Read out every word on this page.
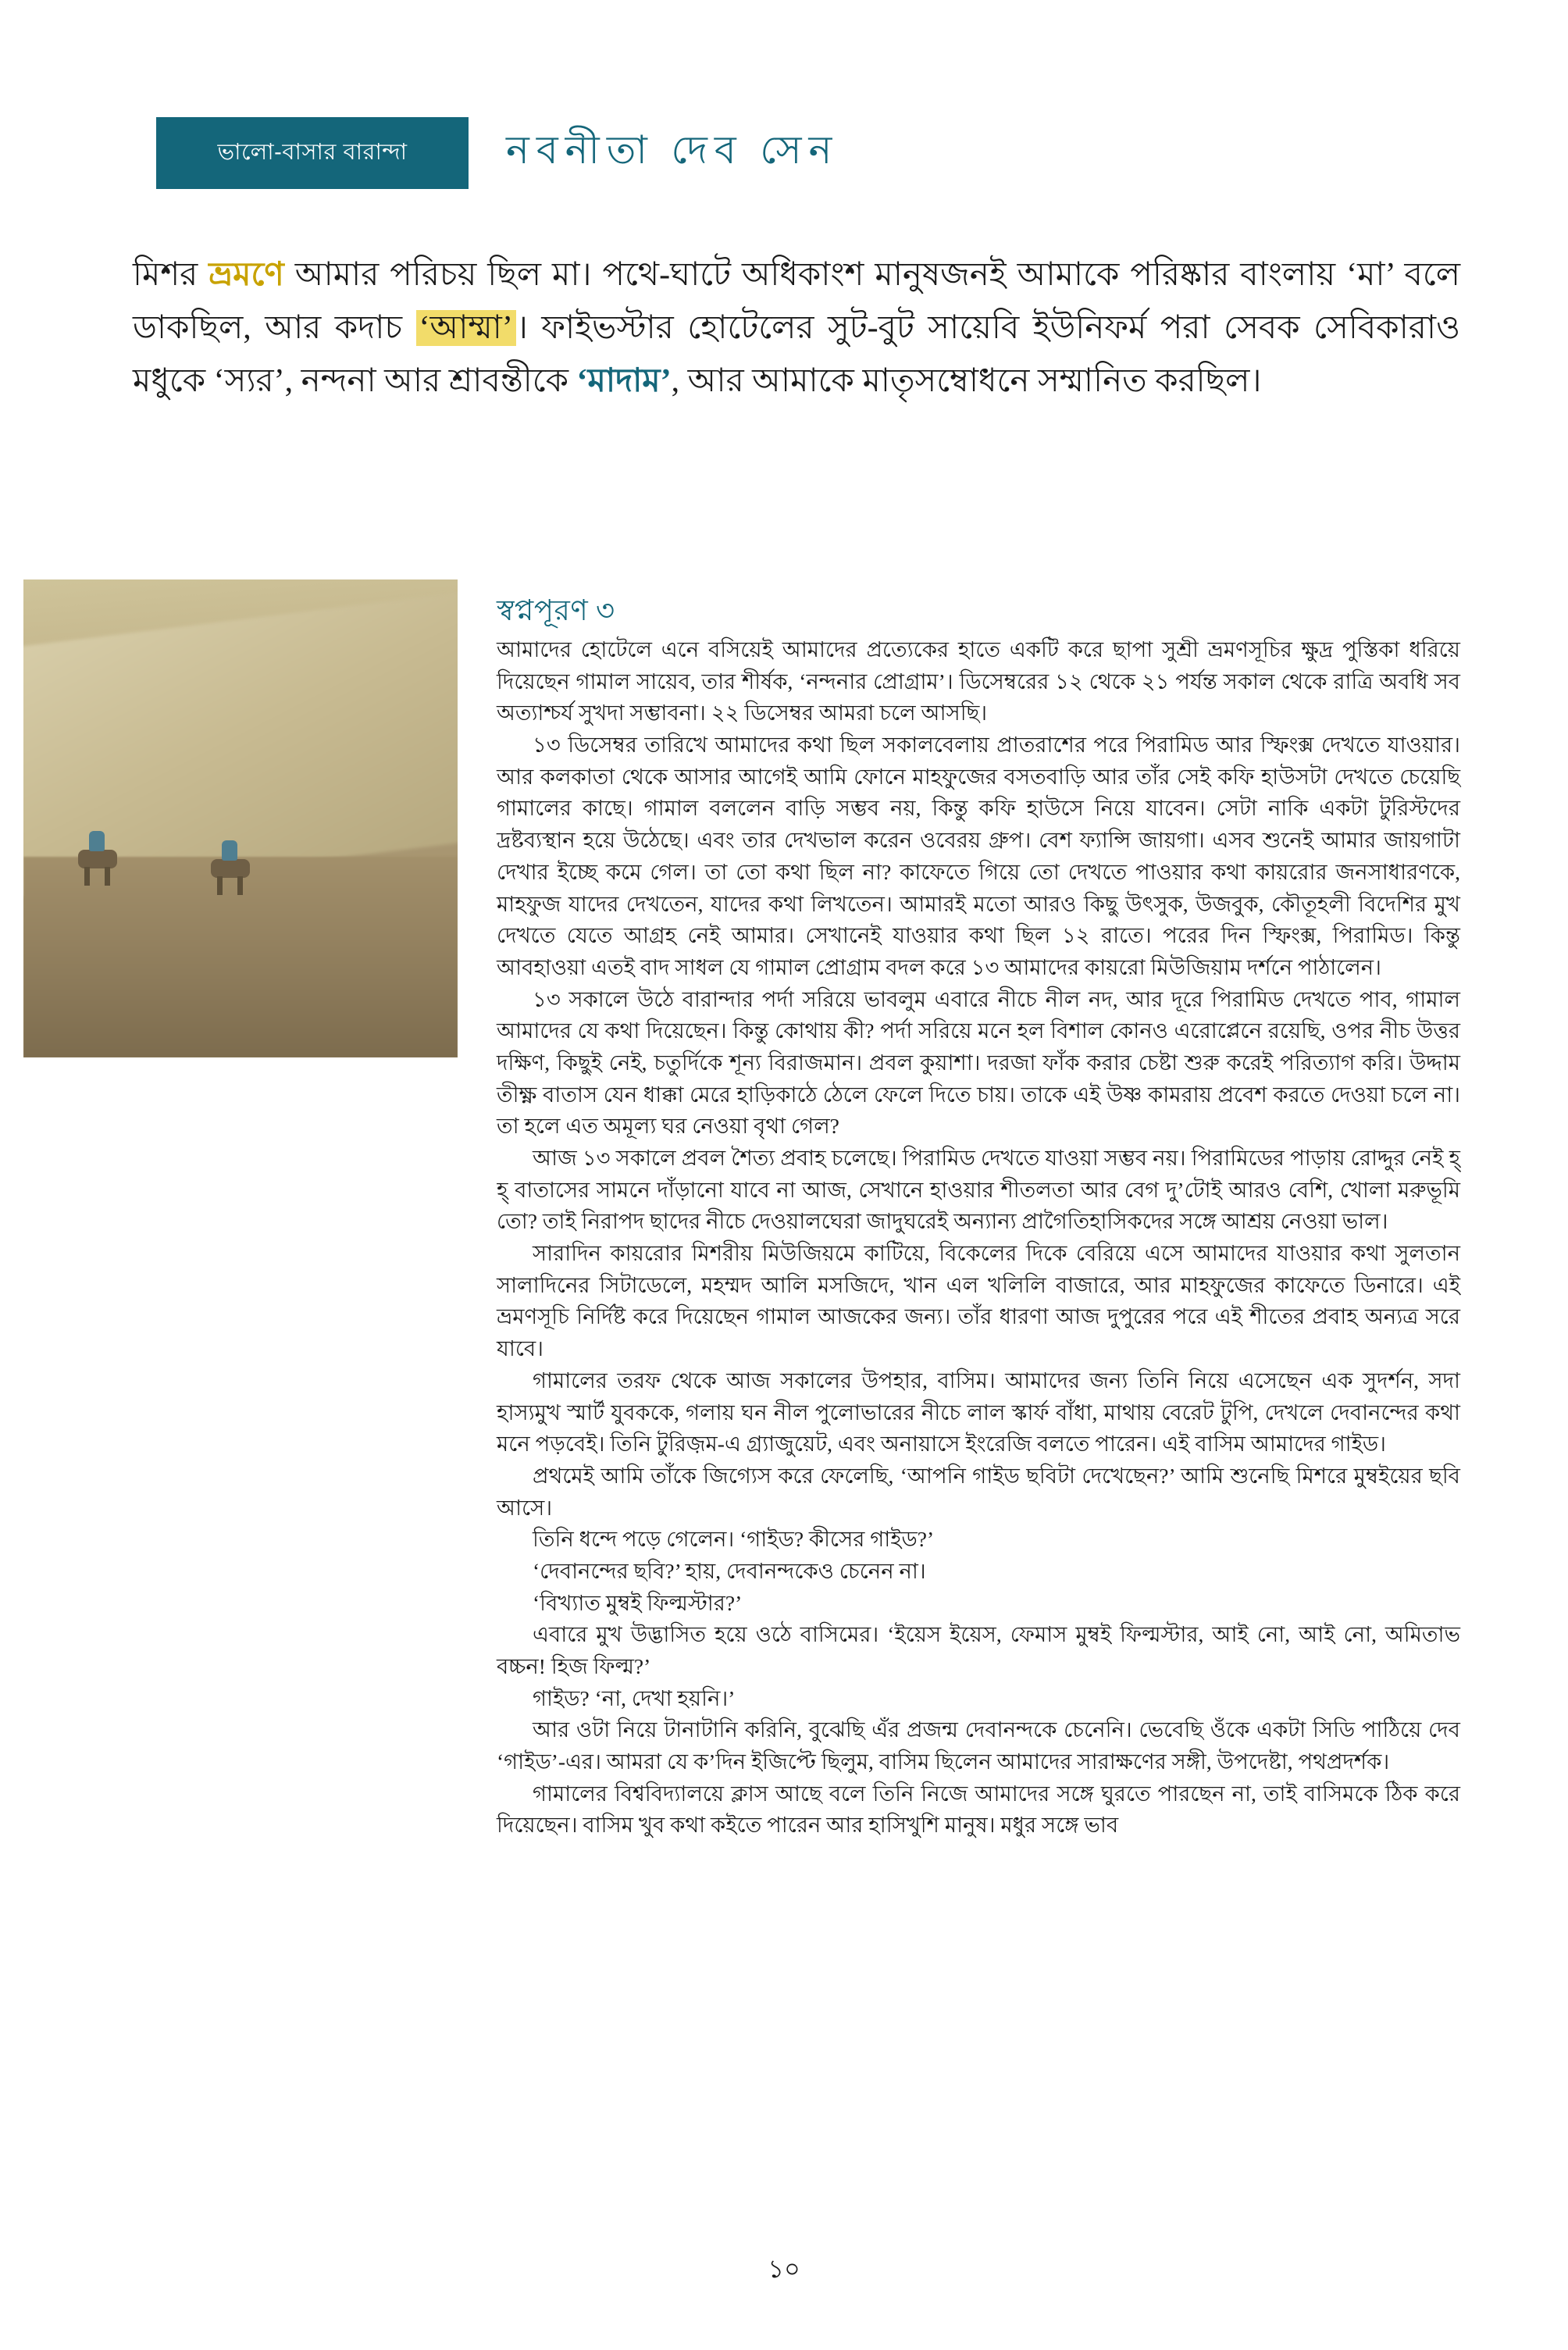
ভালো-বাসার বারান্দা	নবনীতা দেব সেন
মিশর ভ্রমণে আমার পরিচয় ছিল মা। পথে-ঘাটে অধিকাংশ মানুষজনই আমাকে পরিষ্কার বাংলায় ‘মা’ বলে ডাকছিল, আর কদাচ ‘আম্মা’। ফাইভস্টার হোটেলের সুট-বুট সায়েবি ইউনিফর্ম পরা সেবক সেবিকারাও মধুকে ‘স্যর’, নন্দনা আর শ্রাবন্তীকে ‘মাদাম’, আর আমাকে মাতৃসম্বোধনে সম্মানিত করছিল।
স্বপ্নপূরণ ৩

আমাদের হোটেলে এনে বসিয়েই আমাদের প্রত্যেকের হাতে একটি করে ছাপা সুশ্রী ভ্রমণসূচির ক্ষুদ্র পুস্তিকা ধরিয়ে দিয়েছেন গামাল সায়েব, তার শীর্ষক, ‘নন্দনার প্রোগ্রাম’। ডিসেম্বরের ১২ থেকে ২১ পর্যন্ত সকাল থেকে রাত্রি অবধি সব অত্যাশ্চর্য সুখদা সম্ভাবনা। ২২ ডিসেম্বর আমরা চলে আসছি।

১৩ ডিসেম্বর তারিখে আমাদের কথা ছিল সকালবেলায় প্রাতরাশের পরে পিরামিড আর স্ফিংক্স দেখতে যাওয়ার। আর কলকাতা থেকে আসার আগেই আমি ফোনে মাহফুজের বসতবাড়ি আর তাঁর সেই কফি হাউসটা দেখতে চেয়েছি গামালের কাছে। গামাল বললেন বাড়ি সম্ভব নয়, কিন্তু কফি হাউসে নিয়ে যাবেন। সেটা নাকি একটা টুরিস্টদের দ্রষ্টব্যস্থান হয়ে উঠেছে। এবং তার দেখভাল করেন ওবেরয় গ্রুপ। বেশ ফ্যান্সি জায়গা। এসব শুনেই আমার জায়গাটা দেখার ইচ্ছে কমে গেল। তা তো কথা ছিল না? কাফেতে গিয়ে তো দেখতে পাওয়ার কথা কায়রোর জনসাধারণকে, মাহফুজ যাদের দেখতেন, যাদের কথা লিখতেন। আমারই মতো আরও কিছু উৎসুক, উজবুক, কৌতূহলী বিদেশির মুখ দেখতে যেতে আগ্রহ নেই আমার। সেখানেই যাওয়ার কথা ছিল ১২ রাতে। পরের দিন স্ফিংক্স, পিরামিড। কিন্তু আবহাওয়া এতই বাদ সাধল যে গামাল প্রোগ্রাম বদল করে ১৩ আমাদের কায়রো মিউজিয়াম দর্শনে পাঠালেন।

১৩ সকালে উঠে বারান্দার পর্দা সরিয়ে ভাবলুম এবারে নীচে নীল নদ, আর দূরে পিরামিড দেখতে পাব, গামাল আমাদের যে কথা দিয়েছেন। কিন্তু কোথায় কী? পর্দা সরিয়ে মনে হল বিশাল কোনও এরোপ্লেনে রয়েছি, ওপর নীচ উত্তর দক্ষিণ, কিছুই নেই, চতুর্দিকে শূন্য বিরাজমান। প্রবল কুয়াশা। দরজা ফাঁক করার চেষ্টা শুরু করেই পরিত্যাগ করি। উদ্দাম তীক্ষ্ণ বাতাস যেন ধাক্কা মেরে হাড়িকাঠে ঠেলে ফেলে দিতে চায়। তাকে এই উষ্ণ কামরায় প্রবেশ করতে দেওয়া চলে না। তা হলে এত অমূল্য ঘর নেওয়া বৃথা গেল?

আজ ১৩ সকালে প্রবল শৈত্য প্রবাহ চলেছে। পিরামিড দেখতে যাওয়া সম্ভব নয়। পিরামিডের পাড়ায় রোদ্দুর নেই হ্ হ্ বাতাসের সামনে দাঁড়ানো যাবে না আজ, সেখানে হাওয়ার শীতলতা আর বেগ দু’টোই আরও বেশি, খোলা মরুভূমি তো? তাই নিরাপদ ছাদের নীচে দেওয়ালঘেরা জাদুঘরেই অন্যান্য প্রাগৈতিহাসিকদের সঙ্গে আশ্রয় নেওয়া ভাল।

সারাদিন কায়রোর মিশরীয় মিউজিয়মে কাটিয়ে, বিকেলের দিকে বেরিয়ে এসে আমাদের যাওয়ার কথা সুলতান সালাদিনের সিটাডেলে, মহম্মদ আলি মসজিদে, খান এল খলিলি বাজারে, আর মাহফুজের কাফেতে ডিনারে। এই ভ্রমণসূচি নির্দিষ্ট করে দিয়েছেন গামাল আজকের জন্য। তাঁর ধারণা আজ দুপুরের পরে এই শীতের প্রবাহ অন্যত্র সরে যাবে।

গামালের তরফ থেকে আজ সকালের উপহার, বাসিম। আমাদের জন্য তিনি নিয়ে এসেছেন এক সুদর্শন, সদা হাস্যমুখ স্মার্ট যুবককে, গলায় ঘন নীল পুলোভারের নীচে লাল স্কার্ফ বাঁধা, মাথায় বেরেট টুপি, দেখলে দেবানন্দের কথা মনে পড়বেই। তিনি টুরিজ়ম-এ গ্র্যাজুয়েট, এবং অনায়াসে ইংরেজি বলতে পারেন। এই বাসিম আমাদের গাইড।

প্রথমেই আমি তাঁকে জিগ্যেস করে ফেলেছি, ‘আপনি গাইড ছবিটা দেখেছেন?’ আমি শুনেছি মিশরে মুম্বইয়ের ছবি আসে।

তিনি ধন্দে পড়ে গেলেন। ‘গাইড? কীসের গাইড?’

‘দেবানন্দের ছবি?’ হায়, দেবানন্দকেও চেনেন না।

‘বিখ্যাত মুম্বই ফিল্মস্টার?’

এবারে মুখ উদ্ভাসিত হয়ে ওঠে বাসিমের। ‘ইয়েস ইয়েস, ফেমাস মুম্বই ফিল্মস্টার, আই নো, আই নো, অমিতাভ বচ্চন! হিজ ফিল্ম?’

গাইড? ‘না, দেখা হয়নি।’

আর ওটা নিয়ে টানাটানি করিনি, বুঝেছি এঁর প্রজন্ম দেবানন্দকে চেনেনি। ভেবেছি ওঁকে একটা সিডি পাঠিয়ে দেব ‘গাইড’-এর। আমরা যে ক’দিন ইজিপ্টে ছিলুম, বাসিম ছিলেন আমাদের সারাক্ষণের সঙ্গী, উপদেষ্টা, পথপ্রদর্শক।

গামালের বিশ্ববিদ্যালয়ে ক্লাস আছে বলে তিনি নিজে আমাদের সঙ্গে ঘুরতে পারছেন না, তাই বাসিমকে ঠিক করে দিয়েছেন। বাসিম খুব কথা কইতে পারেন আর হাসিখুশি মানুষ। মধুর সঙ্গে ভাব

১০
